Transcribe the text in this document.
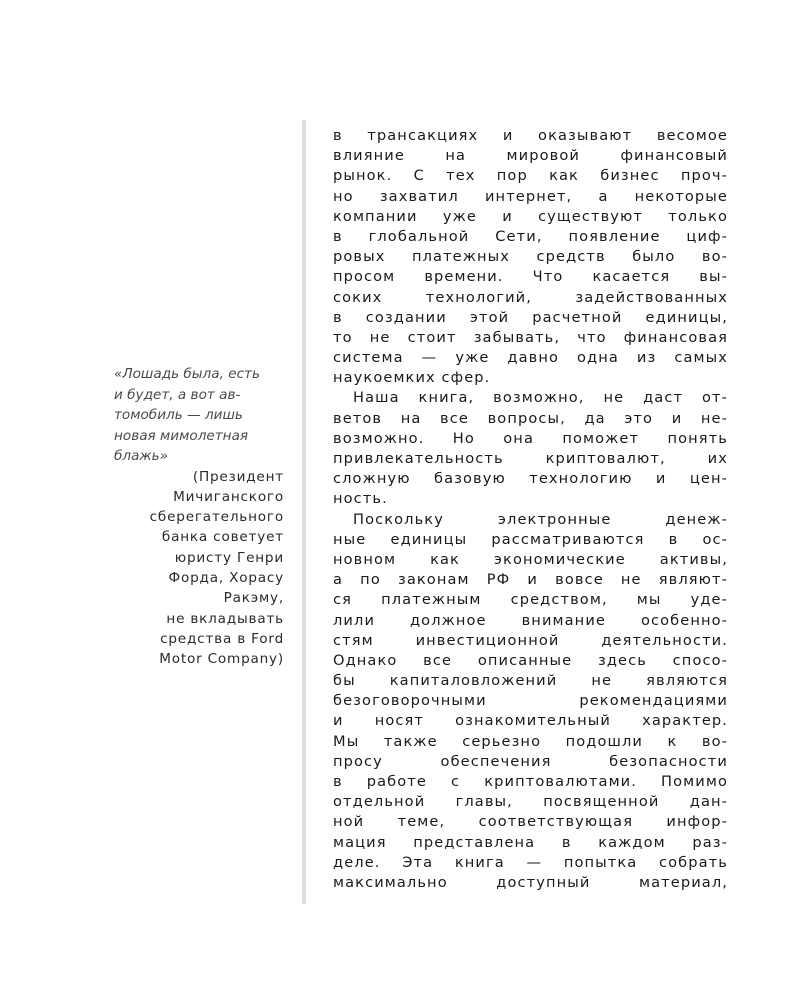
«Лошадь была, есть
и будет, а вот ав-
томобиль — лишь
новая мимолетная
блажь»

(Президент
Мичиганского
сберегательного
банка советует
юристу Генри
Форда, Хорасу
Ракэму,
не вкладывать
средства в Ford
Motor Company)

в трансакциях и оказывают весомое
влияние на мировой финансовый
рынок. С тех пор как бизнес проч-
но захватил интернет, а некоторые
компании уже и существуют только
в глобальной Сети, появление циф-
ровых платежных средств было во-
просом времени. Что касается вы-
соких технологий, задействованных
в создании этой расчетной единицы,
то не стоит забывать, что финансовая
система — уже давно одна из самых
наукоемких сфер.

Наша книга, возможно, не даст от-
ветов на все вопросы, да это и не-
возможно. Но она поможет понять
привлекательность криптовалют, их
сложную базовую технологию и цен-
ность.

Поскольку электронные денеж-
ные единицы рассматриваются в ос-
новном как экономические активы,
а по законам РФ и вовсе не являют-
ся платежным средством, мы уде-
лили должное внимание особенно-
стям инвестиционной деятельности.
Однако все описанные здесь спосо-
бы капиталовложений не являются
безоговорочными рекомендациями
и носят ознакомительный характер.
Мы также серьезно подошли к во-
просу обеспечения безопасности
в работе с криптовалютами. Помимо
отдельной главы, посвященной дан-
ной теме, соответствующая инфор-
мация представлена в каждом раз-
деле. Эта книга — попытка собрать
максимально доступный материал,
